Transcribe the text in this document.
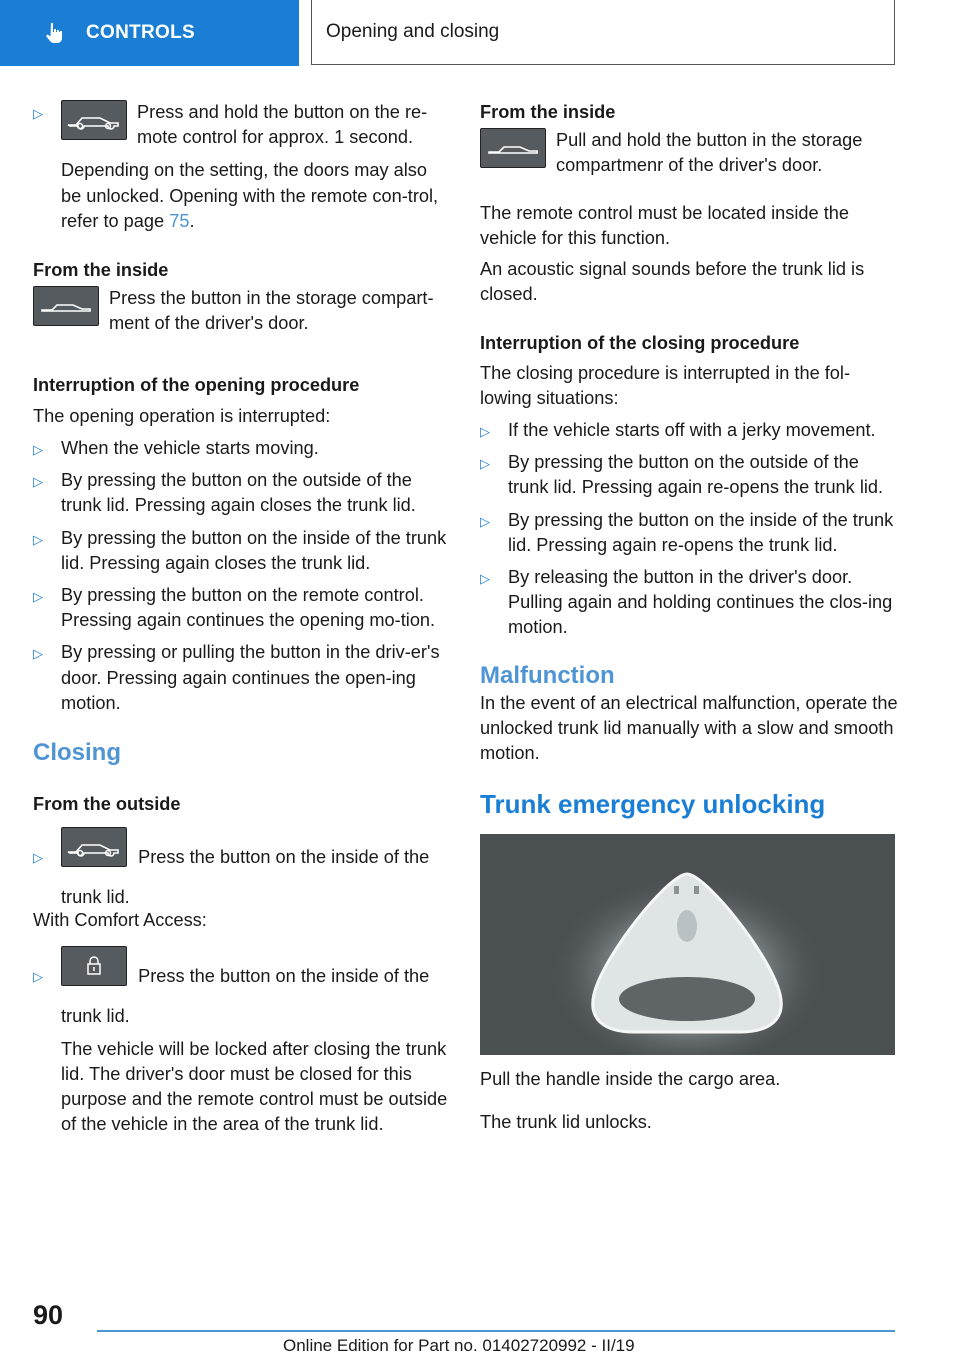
CONTROLS	Opening and closing
▷	Press and hold the button on the re-mote control for approx. 1 second.

Depending on the setting, the doors may also be unlocked. Opening with the remote con-trol, refer to page 75.

From the inside

Press the button in the storage compart-ment of the driver's door.

Interruption of the opening procedure

The opening operation is interrupted:

▷ When the vehicle starts moving.
▷ By pressing the button on the outside of the trunk lid. Pressing again closes the trunk lid.
▷ By pressing the button on the inside of the trunk lid. Pressing again closes the trunk lid.
▷ By pressing the button on the remote control. Pressing again continues the opening mo-tion.
▷ By pressing or pulling the button in the driv-er's door. Pressing again continues the open-ing motion.

Closing

From the outside

▷	Press the button on the inside of the trunk lid.

With Comfort Access:

▷	Press the button on the inside of the trunk lid.

The vehicle will be locked after closing the trunk lid. The driver's door must be closed for this purpose and the remote control must be outside of the vehicle in the area of the trunk lid.

From the inside

Pull and hold the button in the storage compartmenr of the driver's door.

The remote control must be located inside the vehicle for this function.

An acoustic signal sounds before the trunk lid is closed.

Interruption of the closing procedure

The closing procedure is interrupted in the fol-lowing situations:

▷ If the vehicle starts off with a jerky movement.
▷ By pressing the button on the outside of the trunk lid. Pressing again re-opens the trunk lid.
▷ By pressing the button on the inside of the trunk lid. Pressing again re-opens the trunk lid.
▷ By releasing the button in the driver's door. Pulling again and holding continues the clos-ing motion.

Malfunction

In the event of an electrical malfunction, operate the unlocked trunk lid manually with a slow and smooth motion.

Trunk emergency unlocking

Pull the handle inside the cargo area.

The trunk lid unlocks.

90
Online Edition for Part no. 01402720992 - II/19
